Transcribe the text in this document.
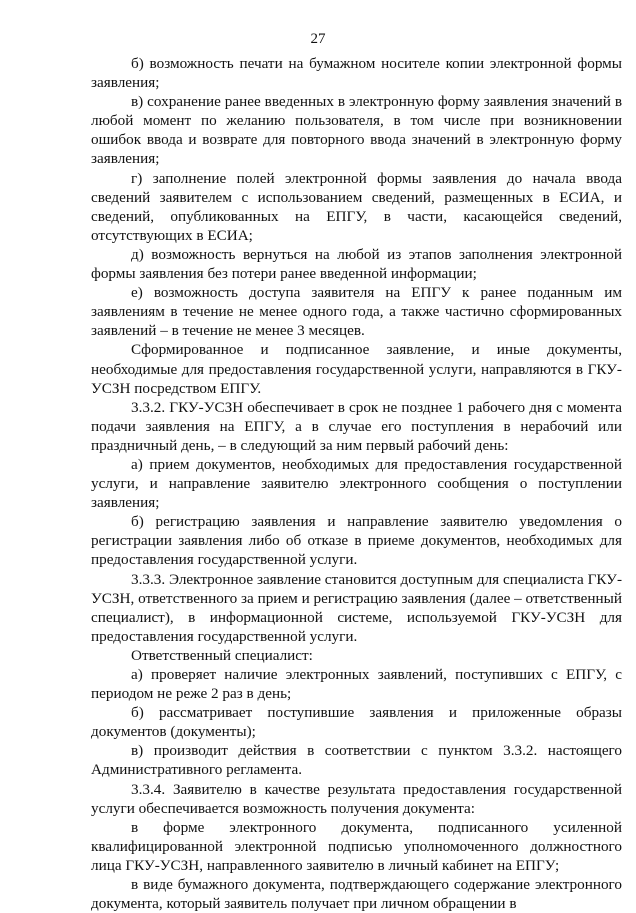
27

б) возможность печати на бумажном носителе копии электронной формы заявления;

в) сохранение ранее введенных в электронную форму заявления значений в любой момент по желанию пользователя, в том числе при возникновении ошибок ввода и возврате для повторного ввода значений в электронную форму заявления;

г) заполнение полей электронной формы заявления до начала ввода сведений заявителем с использованием сведений, размещенных в ЕСИА, и сведений, опубликованных на ЕПГУ, в части, касающейся сведений, отсутствующих в ЕСИА;

д) возможность вернуться на любой из этапов заполнения электронной формы заявления без потери ранее введенной информации;

е) возможность доступа заявителя на ЕПГУ к ранее поданным им заявлениям в течение не менее одного года, а также частично сформированных заявлений – в течение не менее 3 месяцев.

Сформированное и подписанное заявление, и иные документы, необходимые для предоставления государственной услуги, направляются в ГКУ-УСЗН посредством ЕПГУ.

3.3.2. ГКУ-УСЗН обеспечивает в срок не позднее 1 рабочего дня с момента подачи заявления на ЕПГУ, а в случае его поступления в нерабочий или праздничный день, – в следующий за ним первый рабочий день:

а) прием документов, необходимых для предоставления государственной услуги, и направление заявителю электронного сообщения о поступлении заявления;

б) регистрацию заявления и направление заявителю уведомления о регистрации заявления либо об отказе в приеме документов, необходимых для предоставления государственной услуги.

3.3.3. Электронное заявление становится доступным для специалиста ГКУ-УСЗН, ответственного за прием и регистрацию заявления (далее – ответственный специалист), в информационной системе, используемой ГКУ-УСЗН для предоставления государственной услуги.

Ответственный специалист:

а) проверяет наличие электронных заявлений, поступивших с ЕПГУ, с периодом не реже 2 раз в день;

б) рассматривает поступившие заявления и приложенные образы документов (документы);

в) производит действия в соответствии с пунктом 3.3.2. настоящего Административного регламента.

3.3.4. Заявителю в качестве результата предоставления государственной услуги обеспечивается возможность получения документа:

в форме электронного документа, подписанного усиленной квалифицированной электронной подписью уполномоченного должностного лица ГКУ-УСЗН, направленного заявителю в личный кабинет на ЕПГУ;

в виде бумажного документа, подтверждающего содержание электронного документа, который заявитель получает при личном обращении в
